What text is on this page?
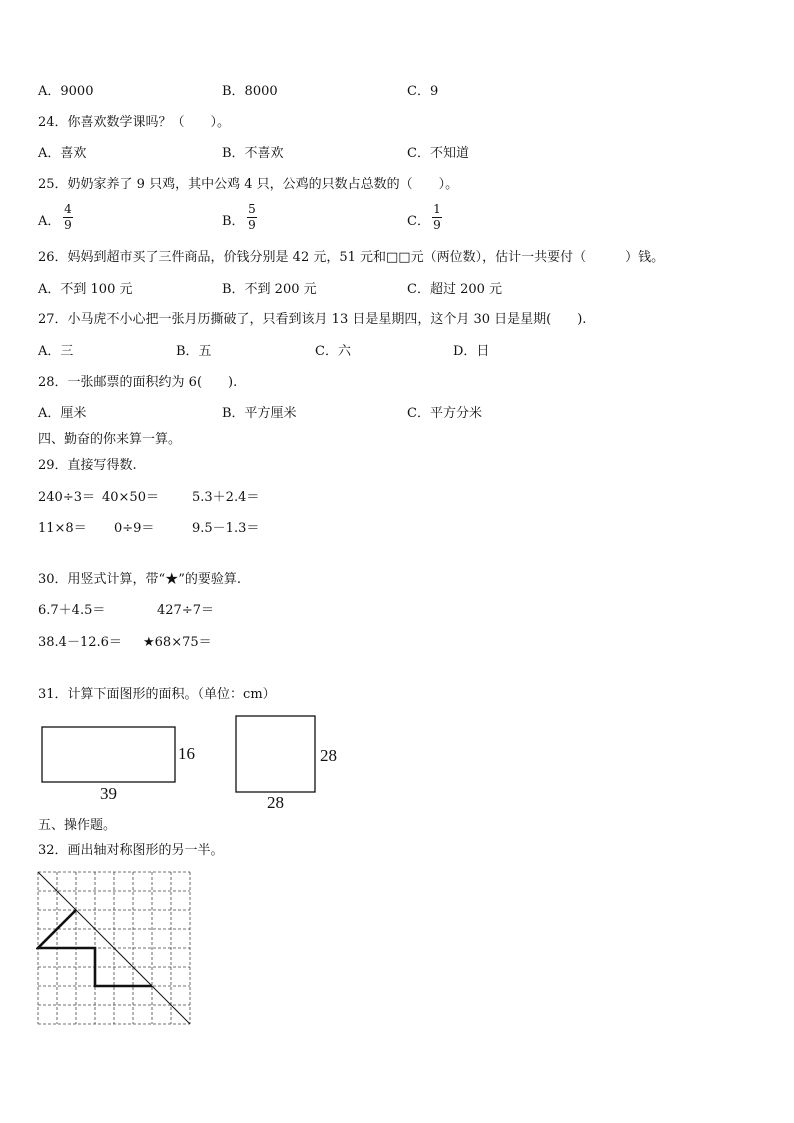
A．9000	B．8000	C．9
24．你喜欢数学课吗？（　　）。
A．喜欢	B．不喜欢	C．不知道
25．奶奶家养了 9 只鸡，其中公鸡 4 只，公鸡的只数占总数的（　　）。
A．
4
9	B．
5
9	C．
1
9
26．妈妈到超市买了三件商品，价钱分别是 42 元，51 元和□□元（两位数），估计一共要付（　　　）钱。
A．不到 100 元	B．不到 200 元	C．超过 200 元
27．小马虎不小心把一张月历撕破了，只看到该月 13 日是星期四，这个月 30 日是星期(　　).
A．三	B．五	C．六	D．日
28．一张邮票的面积约为 6(　　).
A．厘米	B．平方厘米	C．平方分米
四、勤奋的你来算一算。
29．直接写得数.
240÷3＝ 40×50＝	5.3＋2.4＝
11×8＝ 0÷9＝	9.5－1.3＝
30．用竖式计算，带“★”的要验算.
6.7＋4.5＝	427÷7＝
38.4－12.6＝ ★68×75＝
31．计算下面图形的面积。（单位：cm）
16
39
28
28
五、操作题。
32．画出轴对称图形的另一半。
